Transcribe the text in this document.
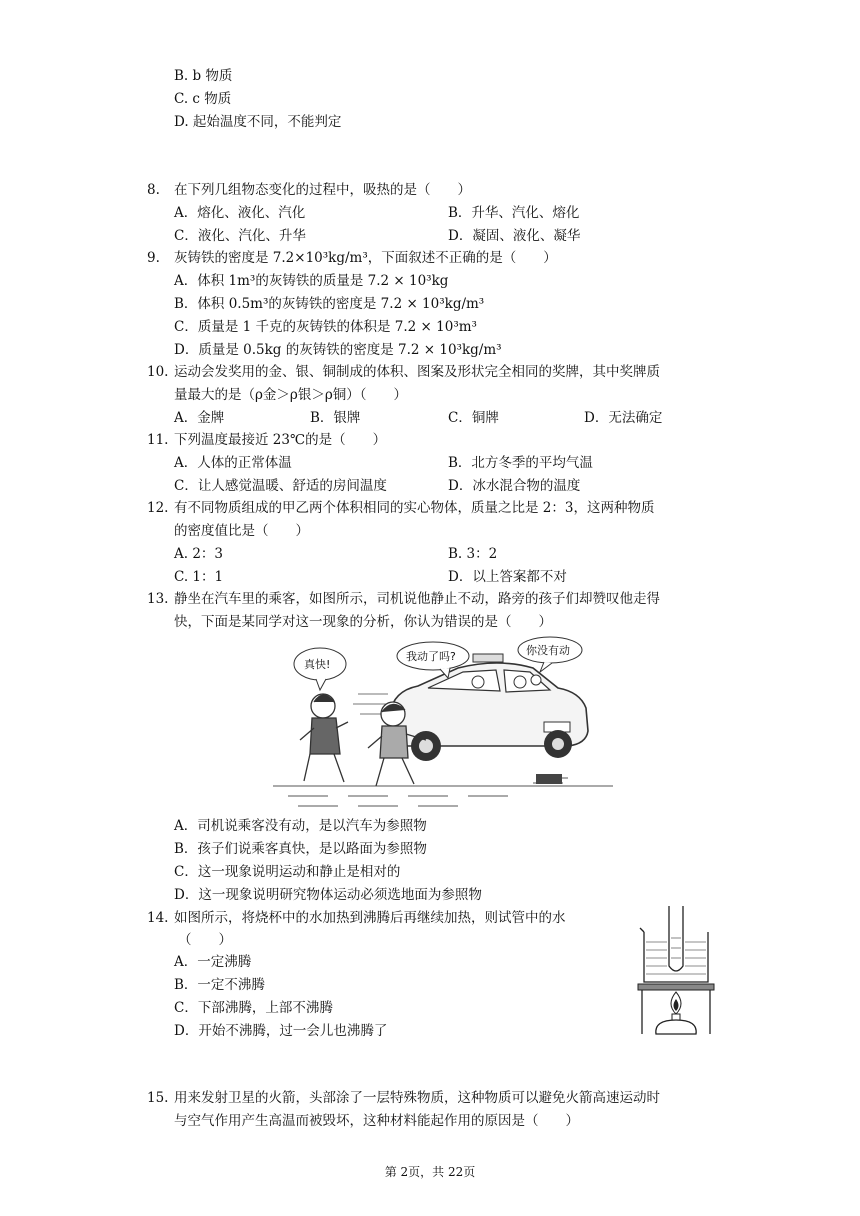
B. b 物质
C. c 物质
D. 起始温度不同，不能判定
8. 在下列几组物态变化的过程中，吸热的是（　　）
A．熔化、液化、汽化	B．升华、汽化、熔化
C．液化、汽化、升华	D．凝固、液化、凝华
9. 灰铸铁的密度是 7.2×10³kg/m³，下面叙述不正确的是（　　）
A．体积 1m³的灰铸铁的质量是 7.2 × 10³kg
B．体积 0.5m³的灰铸铁的密度是 7.2 × 10³kg/m³
C．质量是 1 千克的灰铸铁的体积是 7.2 × 10³m³
D．质量是 0.5kg 的灰铸铁的密度是 7.2 × 10³kg/m³
10. 运动会发奖用的金、银、铜制成的体积、图案及形状完全相同的奖牌，其中奖牌质
量最大的是（ρ金＞ρ银＞ρ铜）（　　）
A．金牌	B．银牌	C．铜牌	D．无法确定
11. 下列温度最接近 23℃的是（　　）
A．人体的正常体温	B．北方冬季的平均气温
C．让人感觉温暖、舒适的房间温度	D．冰水混合物的温度
12. 有不同物质组成的甲乙两个体积相同的实心物体，质量之比是 2：3，这两种物质
的密度值比是（　　）
A. 2：3	B. 3：2
C. 1：1	D．以上答案都不对
13. 静坐在汽车里的乘客，如图所示，司机说他静止不动，路旁的孩子们却赞叹他走得
快，下面是某同学对这一现象的分析，你认为错误的是（　　）
真快!
我动了吗?	你没有动
A．司机说乘客没有动，是以汽车为参照物
B．孩子们说乘客真快，是以路面为参照物
C．这一现象说明运动和静止是相对的
D．这一现象说明研究物体运动必须选地面为参照物
14. 如图所示，将烧杯中的水加热到沸腾后再继续加热，则试管中的水
（　　）
A．一定沸腾
B．一定不沸腾
C．下部沸腾，上部不沸腾
D．开始不沸腾，过一会儿也沸腾了
15. 用来发射卫星的火箭，头部涂了一层特殊物质，这种物质可以避免火箭高速运动时
与空气作用产生高温而被毁坏，这种材料能起作用的原因是（　　）
第 2页，共 22页
